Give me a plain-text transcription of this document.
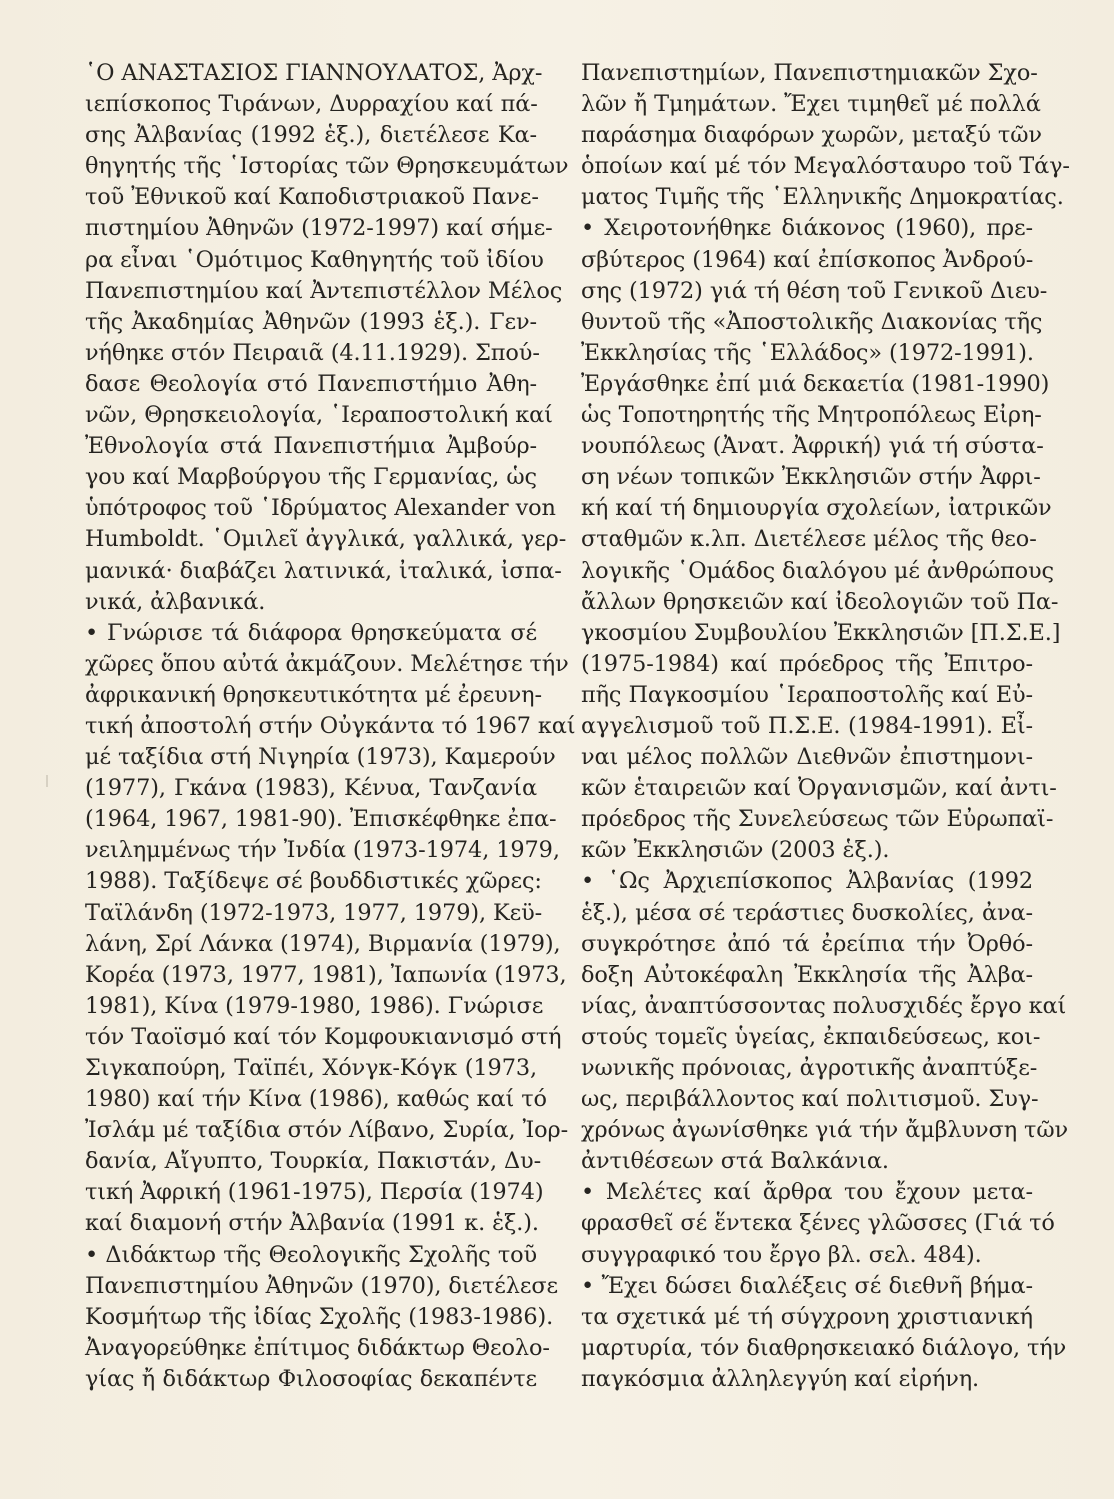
῾Ο ΑΝΑΣΤΑΣΙΟΣ ΓΙΑΝΝΟΥΛΑΤΟΣ, Ἀρχ-
ιεπίσκοπος Τιράνων, Δυρραχίου καί πά-
σης Ἀλβανίας (1992 ἑξ.), διετέλεσε Κα-
θηγητής τῆς ῾Ιστορίας τῶν Θρησκευμάτων
τοῦ Ἐθνικοῦ καί Καποδιστριακοῦ Πανε-
πιστημίου Ἀθηνῶν (1972-1997) καί σήμε-
ρα εἶναι ῾Ομότιμος Καθηγητής τοῦ ἰδίου
Πανεπιστημίου καί Ἀντεπιστέλλον Μέλος
τῆς Ἀκαδημίας Ἀθηνῶν (1993 ἑξ.). Γεν-
νήθηκε στόν Πειραιᾶ (4.11.1929). Σπού-
δασε Θεολογία στό Πανεπιστήμιο Ἀθη-
νῶν, Θρησκειολογία, ῾Ιεραποστολική καί
Ἐθνολογία στά Πανεπιστήμια Ἀμβούρ-
γου καί Μαρβούργου τῆς Γερμανίας, ὡς
ὑπότροφος τοῦ ῾Ιδρύματος Alexander von
Humboldt. ῾Ομιλεῖ ἀγγλικά, γαλλικά, γερ-
μανικά· διαβάζει λατινικά, ἰταλικά, ἰσπα-
νικά, ἀλβανικά.
• Γνώρισε τά διάφορα θρησκεύματα σέ
χῶρες ὅπου αὐτά ἀκμάζουν. Μελέτησε τήν
ἀφρικανική θρησκευτικότητα μέ ἐρευνη-
τική ἀποστολή στήν Οὐγκάντα τό 1967 καί
μέ ταξίδια στή Νιγηρία (1973), Καμερούν
(1977), Γκάνα (1983), Κένυα, Τανζανία
(1964, 1967, 1981-90). Ἐπισκέφθηκε ἐπα-
νειλημμένως τήν Ἰνδία (1973-1974, 1979,
1988). Ταξίδεψε σέ βουδδιστικές χῶρες:
Ταϊλάνδη (1972-1973, 1977, 1979), Κεϋ-
λάνη, Σρί Λάνκα (1974), Βιρμανία (1979),
Κορέα (1973, 1977, 1981), Ἰαπωνία (1973,
1981), Κίνα (1979-1980, 1986). Γνώρισε
τόν Ταοϊσμό καί τόν Κομφουκιανισμό στή
Σιγκαπούρη, Ταϊπέι, Χόνγκ-Κόγκ (1973,
1980) καί τήν Κίνα (1986), καθώς καί τό
Ἰσλάμ μέ ταξίδια στόν Λίβανο, Συρία, Ἰορ-
δανία, Αἴγυπτο, Τουρκία, Πακιστάν, Δυ-
τική Ἀφρική (1961-1975), Περσία (1974)
καί διαμονή στήν Ἀλβανία (1991 κ. ἑξ.).
• Διδάκτωρ τῆς Θεολογικῆς Σχολῆς τοῦ
Πανεπιστημίου Ἀθηνῶν (1970), διετέλεσε
Κοσμήτωρ τῆς ἰδίας Σχολῆς (1983-1986).
Ἀναγορεύθηκε ἐπίτιμος διδάκτωρ Θεολο-
γίας ἤ διδάκτωρ Φιλοσοφίας δεκαπέντε
Πανεπιστημίων, Πανεπιστημιακῶν Σχο-
λῶν ἤ Τμημάτων. Ἔχει τιμηθεῖ μέ πολλά
παράσημα διαφόρων χωρῶν, μεταξύ τῶν
ὁποίων καί μέ τόν Μεγαλόσταυρο τοῦ Τάγ-
ματος Τιμῆς τῆς ῾Ελληνικῆς Δημοκρατίας.
• Χειροτονήθηκε διάκονος (1960), πρε-
σβύτερος (1964) καί ἐπίσκοπος Ἀνδρού-
σης (1972) γιά τή θέση τοῦ Γενικοῦ Διευ-
θυντοῦ τῆς «Ἀποστολικῆς Διακονίας τῆς
Ἐκκλησίας τῆς ῾Ελλάδος» (1972-1991).
Ἐργάσθηκε ἐπί μιά δεκαετία (1981-1990)
ὡς Τοποτηρητής τῆς Μητροπόλεως Εἰρη-
νουπόλεως (Ἀνατ. Ἀφρική) γιά τή σύστα-
ση νέων τοπικῶν Ἐκκλησιῶν στήν Ἀφρι-
κή καί τή δημιουργία σχολείων, ἰατρικῶν
σταθμῶν κ.λπ. Διετέλεσε μέλος τῆς θεο-
λογικῆς ῾Ομάδος διαλόγου μέ ἀνθρώπους
ἄλλων θρησκειῶν καί ἰδεολογιῶν τοῦ Πα-
γκοσμίου Συμβουλίου Ἐκκλησιῶν [Π.Σ.Ε.]
(1975-1984) καί πρόεδρος τῆς Ἐπιτρο-
πῆς Παγκοσμίου ῾Ιεραποστολῆς καί Εὐ-
αγγελισμοῦ τοῦ Π.Σ.Ε. (1984-1991). Εἶ-
ναι μέλος πολλῶν Διεθνῶν ἐπιστημονι-
κῶν ἑταιρειῶν καί Ὀργανισμῶν, καί ἀντι-
πρόεδρος τῆς Συνελεύσεως τῶν Εὐρωπαϊ-
κῶν Ἐκκλησιῶν (2003 ἑξ.).
• ῾Ως Ἀρχιεπίσκοπος Ἀλβανίας (1992
ἑξ.), μέσα σέ τεράστιες δυσκολίες, ἀνα-
συγκρότησε ἀπό τά ἐρείπια τήν Ὀρθό-
δοξη Αὐτοκέφαλη Ἐκκλησία τῆς Ἀλβα-
νίας, ἀναπτύσσοντας πολυσχιδές ἔργο καί
στούς τομεῖς ὑγείας, ἐκπαιδεύσεως, κοι-
νωνικῆς πρόνοιας, ἀγροτικῆς ἀναπτύξε-
ως, περιβάλλοντος καί πολιτισμοῦ. Συγ-
χρόνως ἀγωνίσθηκε γιά τήν ἄμβλυνση τῶν
ἀντιθέσεων στά Βαλκάνια.
• Μελέτες καί ἄρθρα του ἔχουν μετα-
φρασθεῖ σέ ἕντεκα ξένες γλῶσσες (Γιά τό
συγγραφικό του ἔργο βλ. σελ. 484).
• Ἔχει δώσει διαλέξεις σέ διεθνῆ βήμα-
τα σχετικά μέ τή σύγχρονη χριστιανική
μαρτυρία, τόν διαθρησκειακό διάλογο, τήν
παγκόσμια ἀλληλεγγύη καί εἰρήνη.
